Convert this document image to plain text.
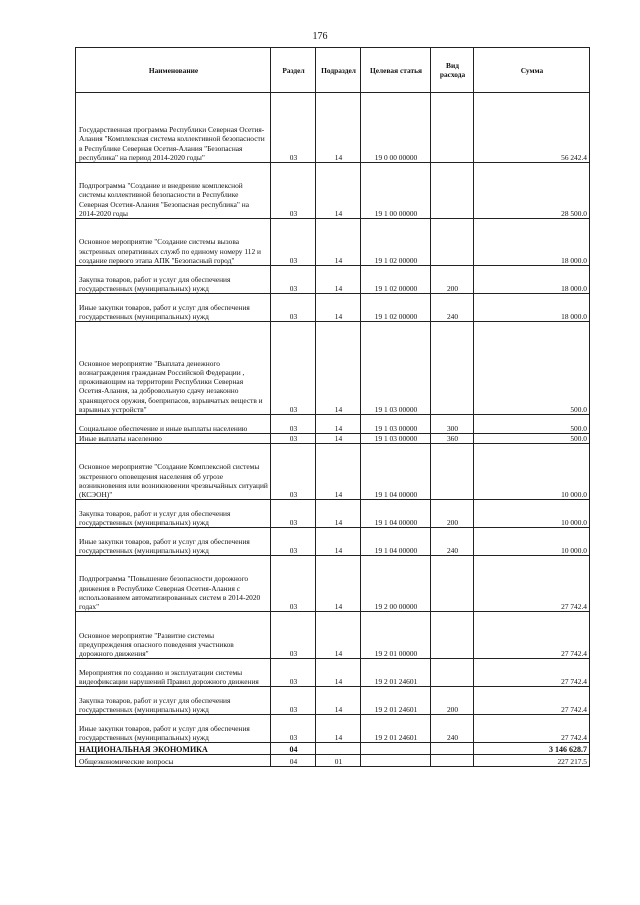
176
Наименование	Раздел	Подраздел	Целевая статья	Вид расхода	Сумма
Государственная программа Республики Северная Осетия-Алания "Комплексная система коллективной безопасности в Республике Северная Осетия-Алания "Безопасная республика" на период 2014-2020 годы"	03	14	19 0 00 00000		56 242.4
Подпрограмма "Создание и внедрение комплексной системы коллективной безопасности в Республике Северная Осетия-Алания "Безопасная республика" на 2014-2020 годы	03	14	19 1 00 00000		28 500.0
Основное мероприятие "Создание системы вызова экстренных оперативных служб по единому номеру 112 и создание первого этапа АПК "Безопасный город"	03	14	19 1 02 00000		18 000.0
Закупка товаров, работ и услуг для обеспечения государственных (муниципальных) нужд	03	14	19 1 02 00000	200	18 000.0
Иные закупки товаров, работ и услуг для обеспечения государственных (муниципальных) нужд	03	14	19 1 02 00000	240	18 000.0
Основное мероприятие "Выплата денежного вознаграждения гражданам Российской Федерации , проживающим на территории Республики Северная Осетия-Алания, за добровольную сдачу незаконно хранящегося оружия, боеприпасов, взрывчатых веществ и взрывных устройств"	03	14	19 1 03 00000		500.0
Социальное обеспечение и иные выплаты населению	03	14	19 1 03 00000	300	500.0
Иные выплаты населению	03	14	19 1 03 00000	360	500.0
Основное мероприятие "Создание Комплексной системы экстренного оповещения населения об угрозе возникновения или возникновении чрезвычайных ситуаций (КСЭОН)"	03	14	19 1 04 00000		10 000.0
Закупка товаров, работ и услуг для обеспечения государственных (муниципальных) нужд	03	14	19 1 04 00000	200	10 000.0
Иные закупки товаров, работ и услуг для обеспечения государственных (муниципальных) нужд	03	14	19 1 04 00000	240	10 000.0
Подпрограмма "Повышение безопасности дорожного движения в Республике Северная Осетия-Алания с использованием автоматизированных систем в 2014-2020 годах"	03	14	19 2 00 00000		27 742.4
Основное мероприятие "Развитие системы предупреждения опасного поведения участников дорожного движения"	03	14	19 2 01 00000		27 742.4
Мероприятия по созданию и эксплуатации системы видеофиксации нарушений Правил дорожного движения	03	14	19 2 01 24601		27 742.4
Закупка товаров, работ и услуг для обеспечения государственных (муниципальных) нужд	03	14	19 2 01 24601	200	27 742.4
Иные закупки товаров, работ и услуг для обеспечения государственных (муниципальных) нужд	03	14	19 2 01 24601	240	27 742.4
НАЦИОНАЛЬНАЯ ЭКОНОМИКА	04				3 146 628.7
Общеэкономические вопросы	04	01			227 217.5
